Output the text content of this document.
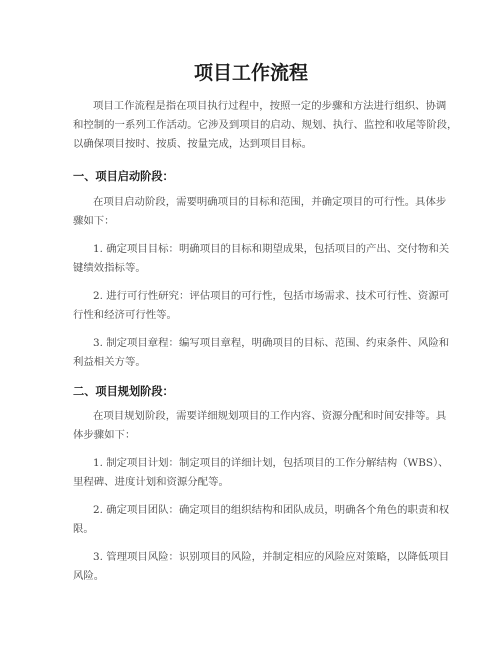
项目工作流程

项目工作流程是指在项目执行过程中，按照一定的步骤和方法进行组织、协调
和控制的一系列工作活动。它涉及到项目的启动、规划、执行、监控和收尾等阶段，
以确保项目按时、按质、按量完成，达到项目目标。

一、项目启动阶段：

在项目启动阶段，需要明确项目的目标和范围，并确定项目的可行性。具体步
骤如下：

1. 确定项目目标：明确项目的目标和期望成果，包括项目的产出、交付物和关
键绩效指标等。

2. 进行可行性研究：评估项目的可行性，包括市场需求、技术可行性、资源可
行性和经济可行性等。

3. 制定项目章程：编写项目章程，明确项目的目标、范围、约束条件、风险和
利益相关方等。

二、项目规划阶段：

在项目规划阶段，需要详细规划项目的工作内容、资源分配和时间安排等。具
体步骤如下：

1. 制定项目计划：制定项目的详细计划，包括项目的工作分解结构（WBS）、
里程碑、进度计划和资源分配等。

2. 确定项目团队：确定项目的组织结构和团队成员，明确各个角色的职责和权
限。

3. 管理项目风险：识别项目的风险，并制定相应的风险应对策略，以降低项目
风险。
